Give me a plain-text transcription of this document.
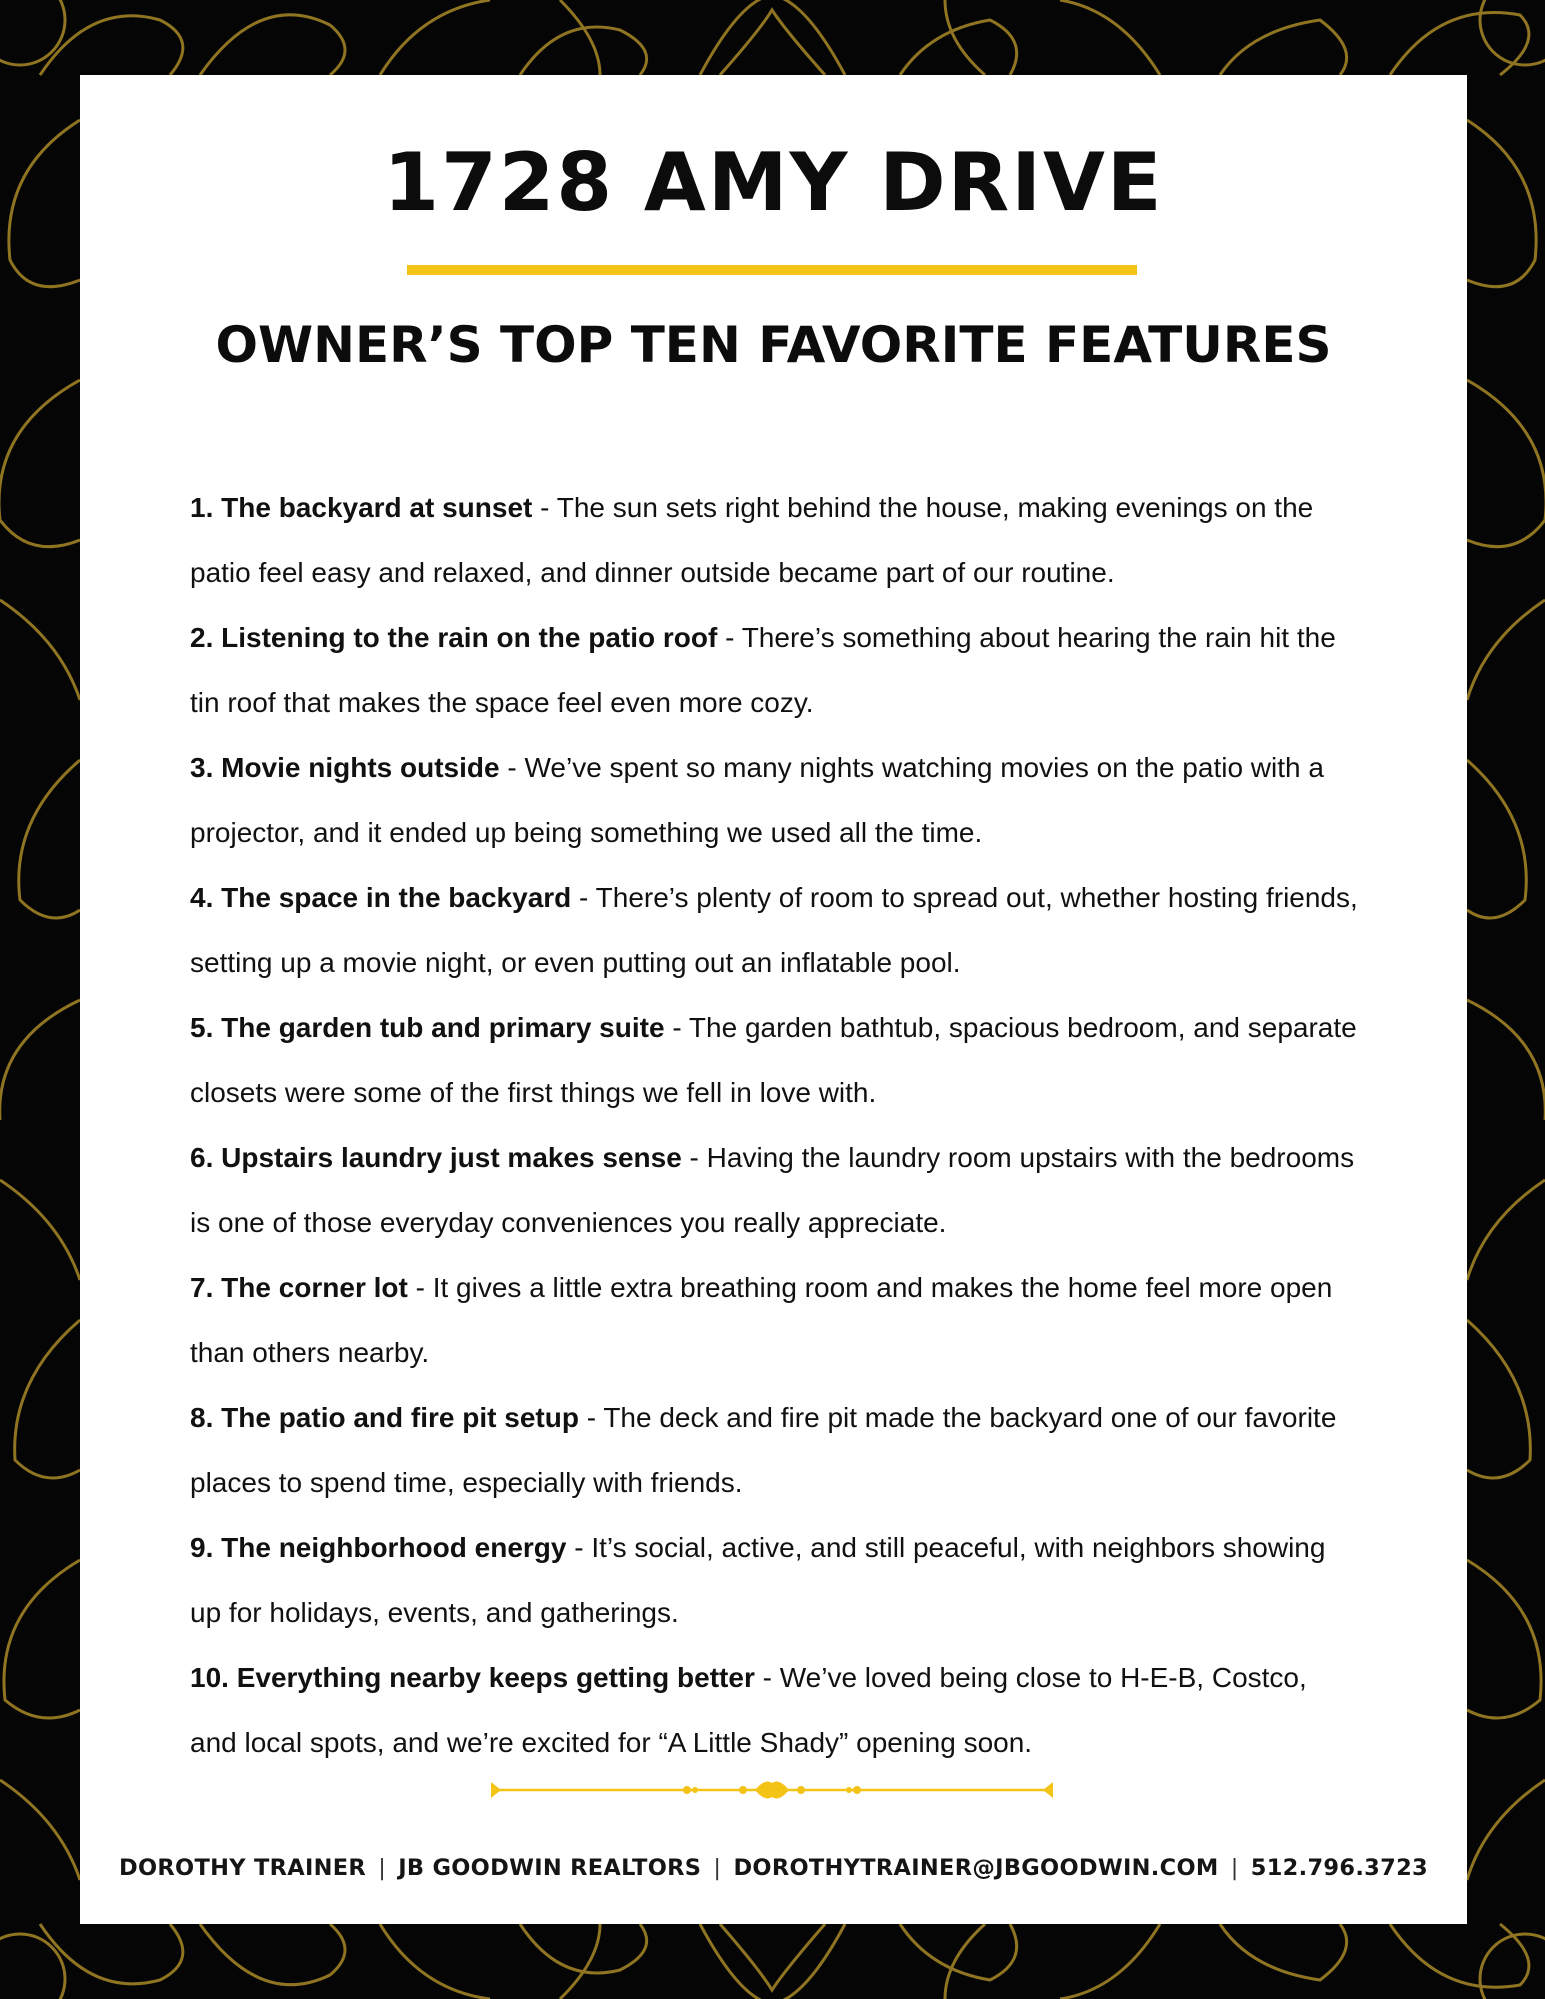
1728 AMY DRIVE
OWNER’S TOP TEN FAVORITE FEATURES
1. The backyard at sunset - The sun sets right behind the house, making evenings on the patio feel easy and relaxed, and dinner outside became part of our routine.
2. Listening to the rain on the patio roof - There’s something about hearing the rain hit the tin roof that makes the space feel even more cozy.
3. Movie nights outside - We’ve spent so many nights watching movies on the patio with a projector, and it ended up being something we used all the time.
4. The space in the backyard - There’s plenty of room to spread out, whether hosting friends, setting up a movie night, or even putting out an inflatable pool.
5. The garden tub and primary suite - The garden bathtub, spacious bedroom, and separate closets were some of the first things we fell in love with.
6. Upstairs laundry just makes sense - Having the laundry room upstairs with the bedrooms is one of those everyday conveniences you really appreciate.
7. The corner lot - It gives a little extra breathing room and makes the home feel more open than others nearby.
8. The patio and fire pit setup - The deck and fire pit made the backyard one of our favorite places to spend time, especially with friends.
9. The neighborhood energy - It’s social, active, and still peaceful, with neighbors showing up for holidays, events, and gatherings.
10. Everything nearby keeps getting better - We’ve loved being close to H-E-B, Costco, and local spots, and we’re excited for “A Little Shady” opening soon.
DOROTHY TRAINER | JB GOODWIN REALTORS | DOROTHYTRAINER@JBGOODWIN.COM | 512.796.3723
